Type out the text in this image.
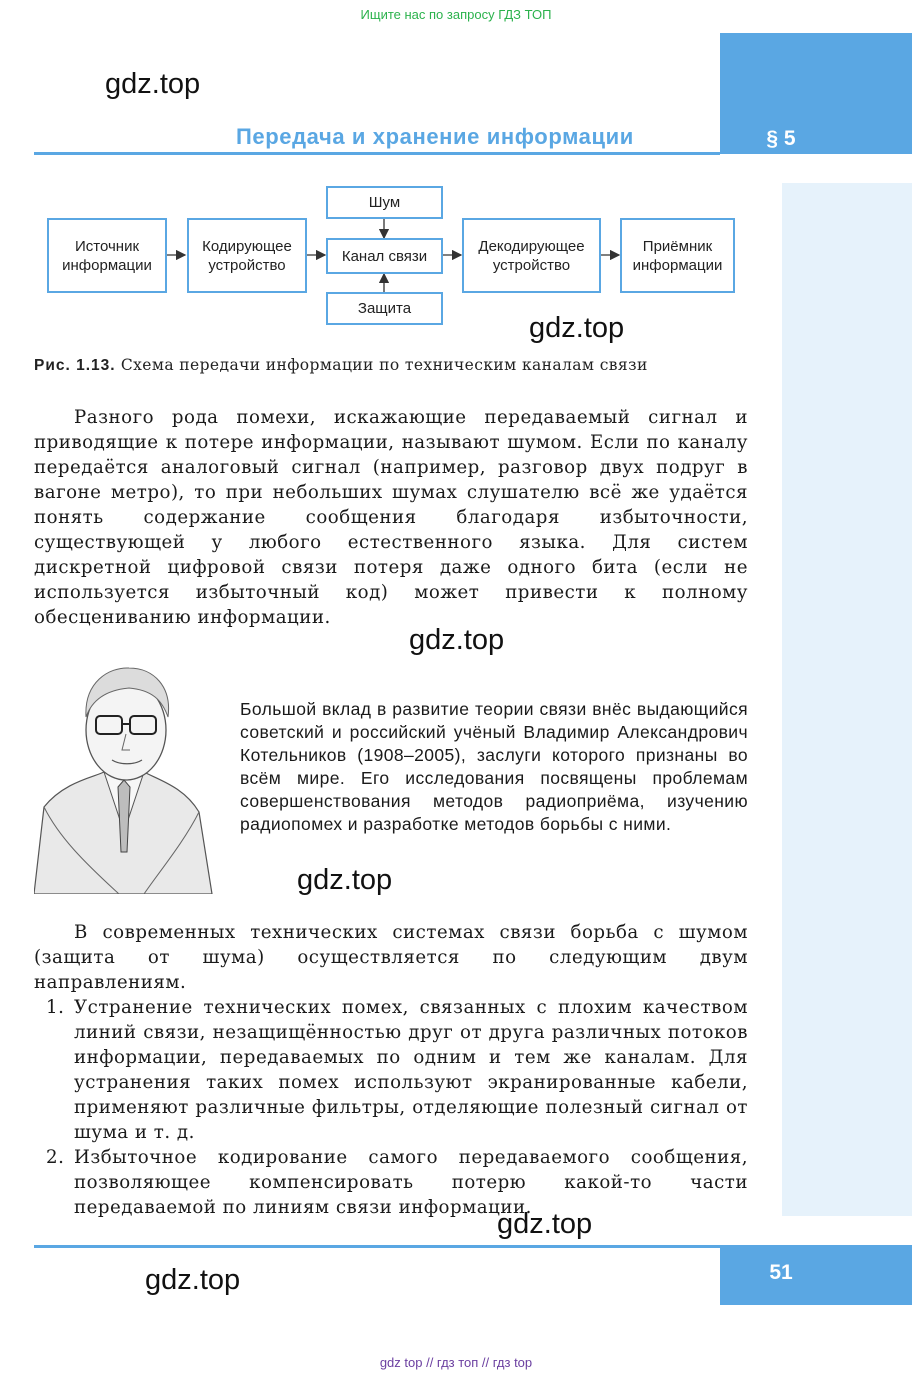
Ищите нас по запросу ГДЗ ТОП
§ 5
Передача и хранение информации
gdz.top
Источник
информации
Кодирующее
устройство
Шум
Канал связи
Защита
Декодирующее
устройство
Приёмник
информации
gdz.top
Рис. 1.13. Схема передачи информации по техническим каналам связи

Разного рода помехи, искажающие передаваемый сигнал и приводящие к потере информации, называют шумом. Если по каналу передаётся аналоговый сигнал (например, разговор двух подруг в вагоне метро), то при небольших шумах слушателю всё же удаётся понять содержание сообщения благодаря избыточности, существующей у любого естественного языка. Для систем дискретной цифровой связи потеря даже одного бита (если не используется избыточный код) может привести к полному обесцениванию информации.

gdz.top
Большой вклад в развитие теории связи внёс выдающийся советский и российский учёный Владимир Александрович Котельников (1908–2005), заслуги которого признаны во всём мире. Его исследования посвящены проблемам совершенствования методов радиоприёма, изучению радиопомех и разработке методов борьбы с ними.
gdz.top

В современных технических системах связи борьба с шумом (защита от шума) осуществляется по следующим двум направлениям.

1. Устранение технических помех, связанных с плохим качеством линий связи, незащищённостью друг от друга различных потоков информации, передаваемых по одним и тем же каналам. Для устранения таких помех используют экранированные кабели, применяют различные фильтры, отделяющие полезный сигнал от шума и т. д.
2. Избыточное кодирование самого передаваемого сообщения, позволяющее компенсировать потерю какой-то части передаваемой по линиям связи информации.
gdz.top
51
gdz.top
gdz top // гдз топ // гдз top
